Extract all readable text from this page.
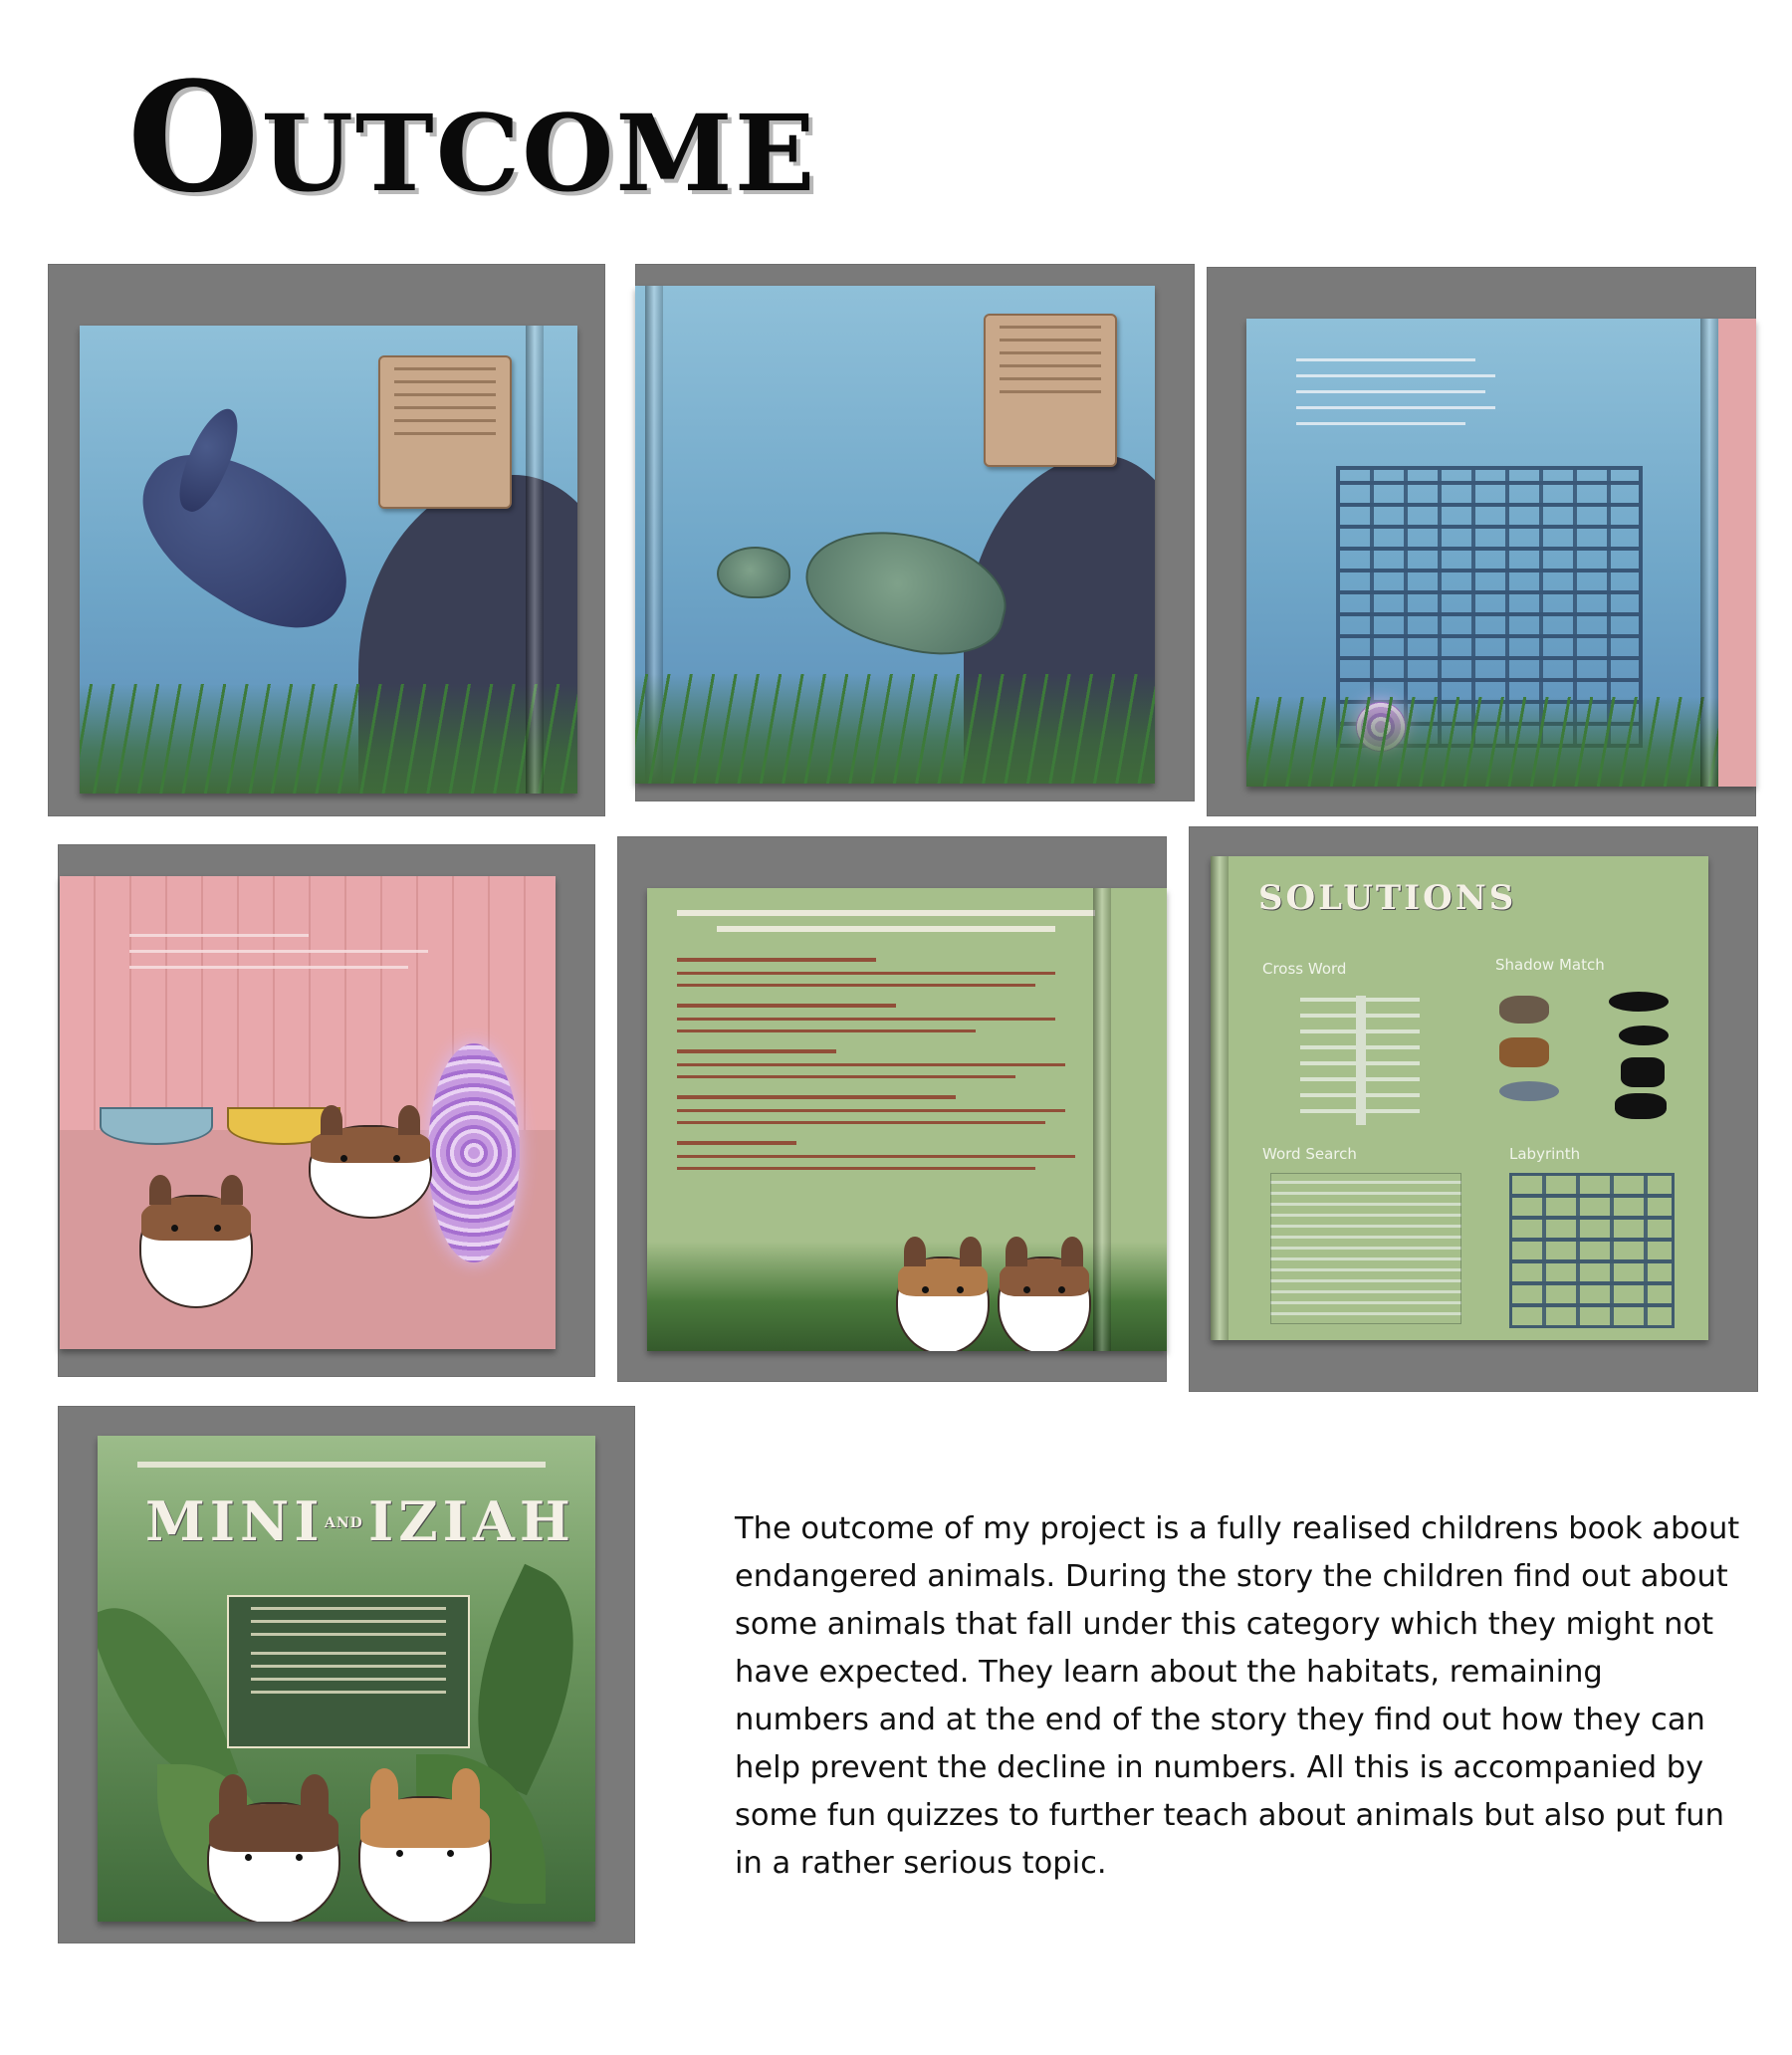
Outcome
SOLUTIONS
Cross Word	Shadow Match
Word Search	Labyrinth
MINI AND IZIAH	The outcome of my project is a fully realised childrens book about endangered animals. During the story the children find out about some animals that fall under this category which they might not have expected. They learn about the habitats, remaining numbers and at the end of the story they find out how they can help prevent the decline in numbers. All this is accompanied by some fun quizzes to further teach about animals but also put fun in a rather serious topic.
